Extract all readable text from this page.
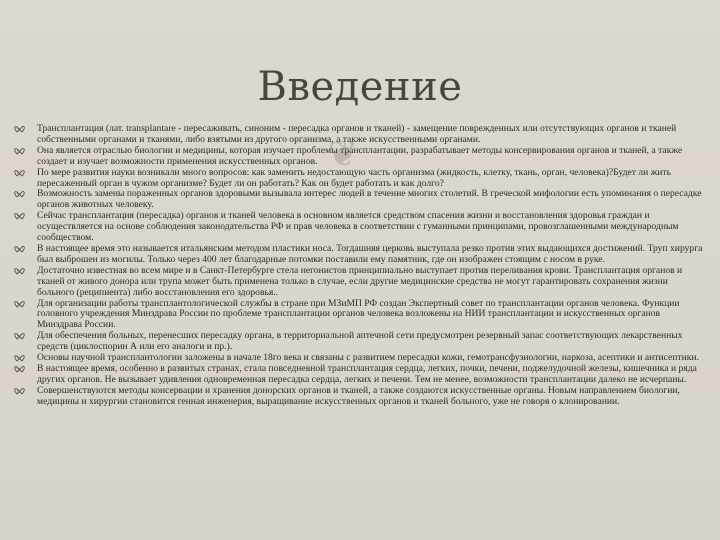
Введение
❦
Трансплантация (лат. transplantare - пересаживать, синоним - пересадка органов и тканей) - замещение поврежденных или отсутствующих органов и тканей собственными органами и тканями, либо взятыми из другого организма, а также искусственными органами.
Она является отраслью биологии и медицины, которая изучает проблемы трансплантации, разрабатывает методы консервирования органов и тканей, а также создает и изучает возможности применения искусственных органов.
По мере развития науки возникали много вопросов: как заменить недостающую часть организма (жидкость, клетку, ткань, орган, человека)?Будет ли жить пересаженный орган в чужом организме? Будет ли он работать? Как он будет работать и как долго?
Возможность замены пораженных органов здоровыми вызывала интерес людей в течение многих столетий. В греческой мифологии есть упоминания о пересадке органов животных человеку.
Сейчас трансплантация (пересадка) органов и тканей человека в основном является средством спасения жизни и восстановления здоровья граждан и осуществляется на основе соблюдения законодательства РФ и прав человека в соответствии с гуманными принципами, провозглашенными международным сообществом.
В настоящее время это называется итальянским методом пластики носа. Тогдашняя церковь выступала резко против этих выдающихся достижений. Труп хирурга был выброшен из могилы. Только через 400 лет благодарные потомки поставили ему памятник, где он изображен стоящим с носом в руке.
Достаточно известная во всем мире и в Санкт-Петербурге стела негонистов принципиально выступает против переливания крови. Трансплантация органов и тканей от живого донора или трупа может быть применена только в случае, если другие медицинские средства не могут гарантировать сохранения жизни больного (реципиента) либо восстановления его здоровья..
Для организации работы трансплантологической службы в стране при МЗиМП РФ создан Экспертный совет по трансплантации органов человека. Функции головного учреждения Минздрава России по проблеме трансплантации органов человека возложены на НИИ трансплантации и искусственных органов Минздрава России.
Для обеспечения больных, перенесших пересадку органа, в территориальной аптечной сети предусмотрен резервный запас соответствующих лекарственных средств (циклоспорин А или его аналоги и пр.).
Основы научной трансплантологии заложены в начале 18го века и связаны с развитием пересадки кожи, гемотрансфузиологии, наркоза, асептики и антисептики.
В настоящее время, особенно в развитых странах, стала повседневной трансплантация сердца, легких, почки, печени, поджелудочной железы, кишечника и ряда других органов. Не вызывает удивления одновременная пересадка сердца, легких и печени. Тем не менее, возможности трансплантации далеко не исчерпаны.
Совершенствуются методы консервации и хранения донорских органов и тканей, а также создаются искусственные органы. Новым направлением биологии, медицины и хирургии становится генная инженерия, выращивание искусственных органов и тканей больного, уже не говоря о клонировании.
